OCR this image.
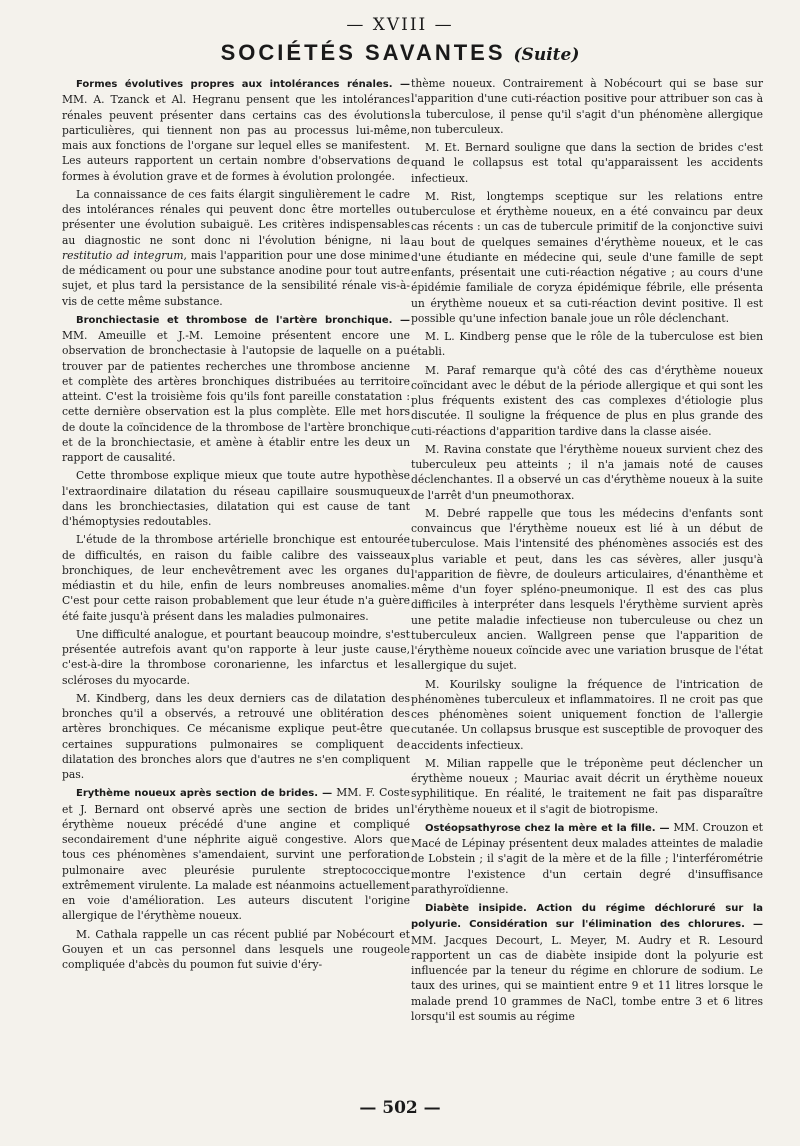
— XVIII —
SOCIÉTÉS SAVANTES (Suite)

Formes évolutives propres aux intolérances rénales. — MM. A. Tzanck et Al. Hegranu pensent que les intolérances rénales peuvent présenter dans certains cas des évolutions particulières, qui tiennent non pas au processus lui-même, mais aux fonctions de l'organe sur lequel elles se manifestent. Les auteurs rapportent un certain nombre d'observations de formes à évolution grave et de formes à évolution prolongée.

La connaissance de ces faits élargit singulièrement le cadre des intolérances rénales qui peuvent donc être mortelles ou présenter une évolution subaiguë. Les critères indispensables au diagnostic ne sont donc ni l'évolution bénigne, ni la restitutio ad integrum, mais l'apparition pour une dose minime de médicament ou pour une substance anodine pour tout autre sujet, et plus tard la persistance de la sensibilité rénale vis-à-vis de cette même substance.

Bronchiectasie et thrombose de l'artère bronchique. — MM. Ameuille et J.-M. Lemoine présentent encore une observation de bronchectasie à l'autopsie de laquelle on a pu trouver par de patientes recherches une thrombose ancienne et complète des artères bronchiques distribuées au territoire atteint. C'est la troisième fois qu'ils font pareille constatation : cette dernière observation est la plus complète. Elle met hors de doute la coïncidence de la thrombose de l'artère bronchique et de la bronchiectasie, et amène à établir entre les deux un rapport de causalité.

Cette thrombose explique mieux que toute autre hypothèse l'extraordinaire dilatation du réseau capillaire sousmuqueux dans les bronchiectasies, dilatation qui est cause de tant d'hémoptysies redoutables.

L'étude de la thrombose artérielle bronchique est entourée de difficultés, en raison du faible calibre des vaisseaux bronchiques, de leur enchevêtrement avec les organes du médiastin et du hile, enfin de leurs nombreuses anomalies. C'est pour cette raison probablement que leur étude n'a guère été faite jusqu'à présent dans les maladies pulmonaires.

Une difficulté analogue, et pourtant beaucoup moindre, s'est présentée autrefois avant qu'on rapporte à leur juste cause, c'est-à-dire la thrombose coronarienne, les infarctus et les scléroses du myocarde.

M. Kindberg, dans les deux derniers cas de dilatation des bronches qu'il a observés, a retrouvé une oblitération des artères bronchiques. Ce mécanisme explique peut-être que certaines suppurations pulmonaires se compliquent de dilatation des bronches alors que d'autres ne s'en compliquent pas.

Erythème noueux après section de brides. — MM. F. Coste et J. Bernard ont observé après une section de brides un érythème noueux précédé d'une angine et compliqué secondairement d'une néphrite aiguë congestive. Alors que tous ces phénomènes s'amendaient, survint une perforation pulmonaire avec pleurésie purulente streptococcique extrêmement virulente. La malade est néanmoins actuellement en voie d'amélioration. Les auteurs discutent l'origine allergique de l'érythème noueux.

M. Cathala rappelle un cas récent publié par Nobécourt et Gouyen et un cas personnel dans lesquels une rougeole compliquée d'abcès du poumon fut suivie d'éry-

thème noueux. Contrairement à Nobécourt qui se base sur l'apparition d'une cuti-réaction positive pour attribuer son cas à la tuberculose, il pense qu'il s'agit d'un phénomène allergique non tuberculeux.

M. Et. Bernard souligne que dans la section de brides c'est quand le collapsus est total qu'apparaissent les accidents infectieux.

M. Rist, longtemps sceptique sur les relations entre tuberculose et érythème noueux, en a été convaincu par deux cas récents : un cas de tubercule primitif de la conjonctive suivi au bout de quelques semaines d'érythème noueux, et le cas d'une étudiante en médecine qui, seule d'une famille de sept enfants, présentait une cuti-réaction négative ; au cours d'une épidémie familiale de coryza épidémique fébrile, elle présenta un érythème noueux et sa cuti-réaction devint positive. Il est possible qu'une infection banale joue un rôle déclenchant.

M. L. Kindberg pense que le rôle de la tuberculose est bien établi.

M. Paraf remarque qu'à côté des cas d'érythème noueux coïncidant avec le début de la période allergique et qui sont les plus fréquents existent des cas complexes d'étiologie plus discutée. Il souligne la fréquence de plus en plus grande des cuti-réactions d'apparition tardive dans la classe aisée.

M. Ravina constate que l'érythème noueux survient chez des tuberculeux peu atteints ; il n'a jamais noté de causes déclenchantes. Il a observé un cas d'érythème noueux à la suite de l'arrêt d'un pneumothorax.

M. Debré rappelle que tous les médecins d'enfants sont convaincus que l'érythème noueux est lié à un début de tuberculose. Mais l'intensité des phénomènes associés est des plus variable et peut, dans les cas sévères, aller jusqu'à l'apparition de fièvre, de douleurs articulaires, d'énanthème et même d'un foyer spléno-pneumonique. Il est des cas plus difficiles à interpréter dans lesquels l'érythème survient après une petite maladie infectieuse non tuberculeuse ou chez un tuberculeux ancien. Wallgreen pense que l'apparition de l'érythème noueux coïncide avec une variation brusque de l'état allergique du sujet.

M. Kourilsky souligne la fréquence de l'intrication de phénomènes tuberculeux et inflammatoires. Il ne croit pas que ces phénomènes soient uniquement fonction de l'allergie cutanée. Un collapsus brusque est susceptible de provoquer des accidents infectieux.

M. Milian rappelle que le tréponème peut déclencher un érythème noueux ; Mauriac avait décrit un érythème noueux syphilitique. En réalité, le traitement ne fait pas disparaître l'érythème noueux et il s'agit de biotropisme.

Ostéopsathyrose chez la mère et la fille. — MM. Crouzon et Macé de Lépinay présentent deux malades atteintes de maladie de Lobstein ; il s'agit de la mère et de la fille ; l'interférométrie montre l'existence d'un certain degré d'insuffisance parathyroïdienne.

Diabète insipide. Action du régime déchloruré sur la polyurie. Considération sur l'élimination des chlorures. — MM. Jacques Decourt, L. Meyer, M. Audry et R. Lesourd rapportent un cas de diabète insipide dont la polyurie est influencée par la teneur du régime en chlorure de sodium. Le taux des urines, qui se maintient entre 9 et 11 litres lorsque le malade prend 10 grammes de NaCl, tombe entre 3 et 6 litres lorsqu'il est soumis au régime

— 502 —
